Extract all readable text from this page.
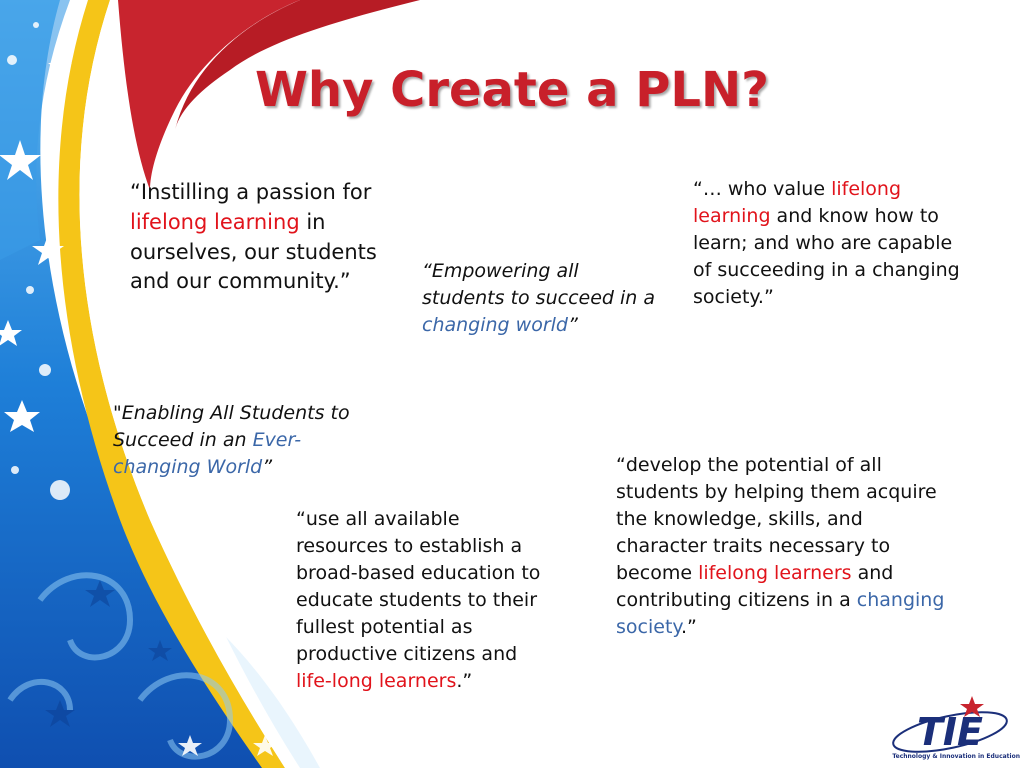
Why Create a PLN?
“Instilling a passion for
lifelong learning in ourselves, our students and our community.”	“Empowering all students to succeed in a changing world”
“… who value lifelong learning and know how to learn; and who are capable of succeeding in a changing society.”
"Enabling All Students to Succeed in an Ever-changing World”
“use all available resources to establish a broad-based education to educate students to their fullest potential as productive citizens and life-long learners.”
“develop the potential of all students by helping them acquire the knowledge, skills, and character traits necessary to become lifelong learners and contributing citizens in a changing society.”
TIE
Technology & Innovation in Education
